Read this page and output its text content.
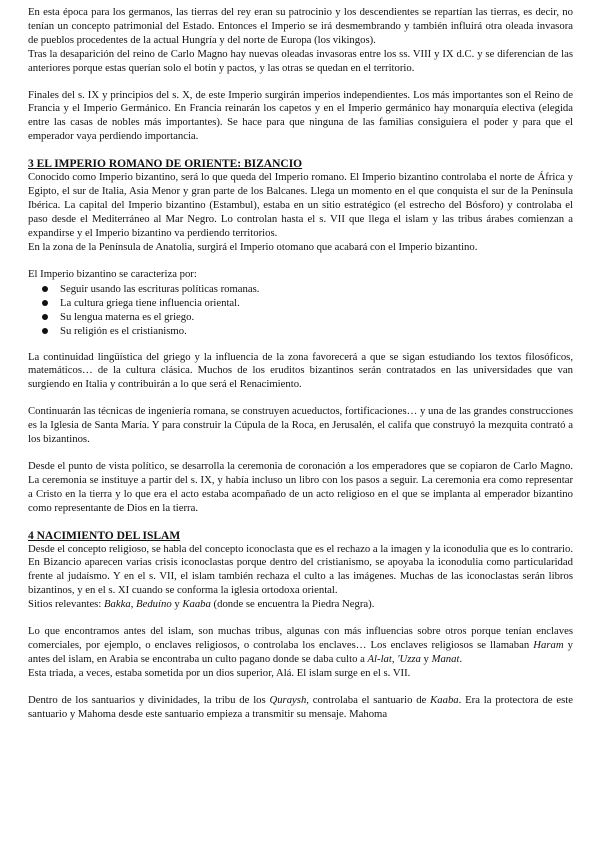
En esta época para los germanos, las tierras del rey eran su patrocinio y los descendientes se repartían las tierras, es decir, no tenían un concepto patrimonial del Estado. Entonces el Imperio se irá desmembrando y también influirá otra oleada invasora de pueblos procedentes de la actual Hungría y del norte de Europa (los vikingos).

Tras la desaparición del reino de Carlo Magno hay nuevas oleadas invasoras entre los ss. VIII y IX d.C. y se diferencian de las anteriores porque estas querían solo el botín y pactos, y las otras se quedan en el territorio.

Finales del s. IX y principios del s. X, de este Imperio surgirán imperios independientes. Los más importantes son el Reino de Francia y el Imperio Germánico. En Francia reinarán los capetos y en el Imperio germánico hay monarquía electiva (elegida entre las casas de nobles más importantes). Se hace para que ninguna de las familias consiguiera el poder y para que el emperador vaya perdiendo importancia.

3 EL IMPERIO ROMANO DE ORIENTE: BIZANCIO

Conocido como Imperio bizantino, será lo que queda del Imperio romano. El Imperio bizantino controlaba el norte de África y Egipto, el sur de Italia, Asia Menor y gran parte de los Balcanes. Llega un momento en el que conquista el sur de la Península Ibérica. La capital del Imperio bizantino (Estambul), estaba en un sitio estratégico (el estrecho del Bósforo) y controlaba el paso desde el Mediterráneo al Mar Negro. Lo controlan hasta el s. VII que llega el islam y las tribus árabes comienzan a expandirse y el Imperio bizantino va perdiendo territorios.

En la zona de la Península de Anatolia, surgirá el Imperio otomano que acabará con el Imperio bizantino.

El Imperio bizantino se caracteriza por:

Seguir usando las escrituras políticas romanas.
La cultura griega tiene influencia oriental.
Su lengua materna es el griego.
Su religión es el cristianismo.

La continuidad lingüística del griego y la influencia de la zona favorecerá a que se sigan estudiando los textos filosóficos, matemáticos… de la cultura clásica. Muchos de los eruditos bizantinos serán contratados en las universidades que van surgiendo en Italia y contribuirán a lo que será el Renacimiento.

Continuarán las técnicas de ingeniería romana, se construyen acueductos, fortificaciones… y una de las grandes construcciones es la Iglesia de Santa María. Y para construir la Cúpula de la Roca, en Jerusalén, el califa que construyó la mezquita contrató a los bizantinos.

Desde el punto de vista político, se desarrolla la ceremonia de coronación a los emperadores que se copiaron de Carlo Magno. La ceremonia se instituye a partir del s. IX, y había incluso un libro con los pasos a seguir. La ceremonia era como representar a Cristo en la tierra y lo que era el acto estaba acompañado de un acto religioso en el que se implanta al emperador bizantino como representante de Dios en la tierra.

4 NACIMIENTO DEL ISLAM

Desde el concepto religioso, se habla del concepto iconoclasta que es el rechazo a la imagen y la iconodulia que es lo contrario. En Bizancio aparecen varias crisis iconoclastas porque dentro del cristianismo, se apoyaba la iconodulia como particularidad frente al judaísmo. Y en el s. VII, el islam también rechaza el culto a las imágenes. Muchas de las iconoclastas serán libros bizantinos, y en el s. XI cuando se conforma la iglesia ortodoxa oriental.

Sitios relevantes: Bakka, Beduíno y Kaaba (donde se encuentra la Piedra Negra).

Lo que encontramos antes del islam, son muchas tribus, algunas con más influencias sobre otros porque tenían enclaves comerciales, por ejemplo, o enclaves religiosos, o controlaba los enclaves… Los enclaves religiosos se llamaban Haram y antes del islam, en Arabia se encontraba un culto pagano donde se daba culto a Al-lat, 'Uzza y Manat.

Esta triada, a veces, estaba sometida por un dios superior, Alá. El islam surge en el s. VII.

Dentro de los santuarios y divinidades, la tribu de los Quraysh, controlaba el santuario de Kaaba. Era la protectora de este santuario y Mahoma desde este santuario empieza a transmitir su mensaje. Mahoma
